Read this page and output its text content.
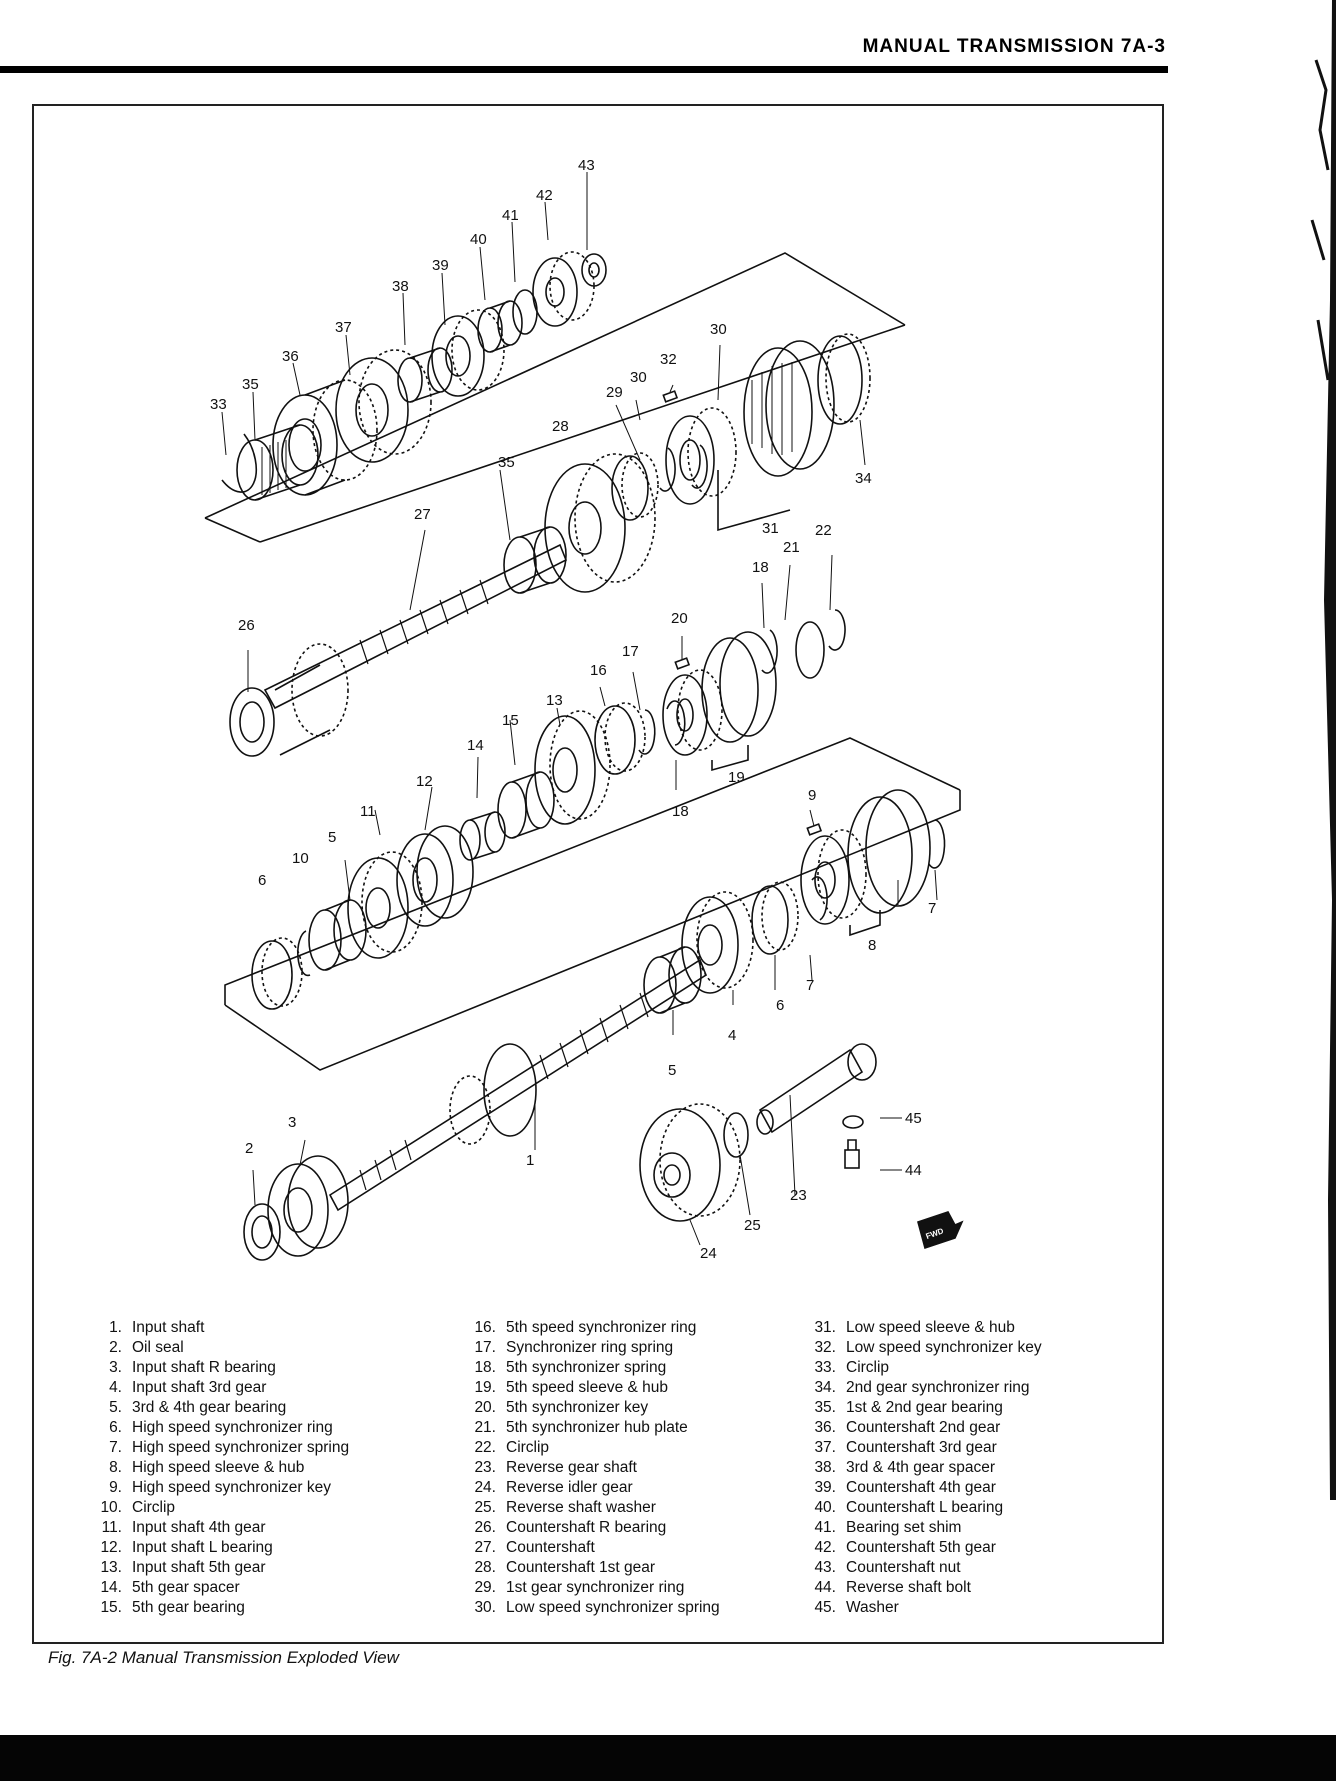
MANUAL TRANSMISSION 7A-3
43
42
41
40
39
38
37
36
35
33
30
32
30
29
28
35
34
31
27
22
21
18
26	20
17
16
13
15
14
12
11
19
18
10
5
6
9
7
8
7
6
4
5
45
44
3
2
1
23
25
24
FWD
1. Input shaft
2. Oil seal
3. Input shaft R bearing
4. Input shaft 3rd gear
5. 3rd & 4th gear bearing
6. High speed synchronizer ring
7. High speed synchronizer spring
8. High speed sleeve & hub
9. High speed synchronizer key
10. Circlip
11. Input shaft 4th gear
12. Input shaft L bearing
13. Input shaft 5th gear
14. 5th gear spacer
15. 5th gear bearing
16. 5th speed synchronizer ring
17. Synchronizer ring spring
18. 5th synchronizer spring
19. 5th speed sleeve & hub
20. 5th synchronizer key
21. 5th synchronizer hub plate
22. Circlip
23. Reverse gear shaft
24. Reverse idler gear
25. Reverse shaft washer
26. Countershaft R bearing
27. Countershaft
28. Countershaft 1st gear
29. 1st gear synchronizer ring
30. Low speed synchronizer spring
31. Low speed sleeve & hub
32. Low speed synchronizer key
33. Circlip
34. 2nd gear synchronizer ring
35. 1st & 2nd gear bearing
36. Countershaft 2nd gear
37. Countershaft 3rd gear
38. 3rd & 4th gear spacer
39. Countershaft 4th gear
40. Countershaft L bearing
41. Bearing set shim
42. Countershaft 5th gear
43. Countershaft nut
44. Reverse shaft bolt
45. Washer
Fig. 7A-2 Manual Transmission Exploded View
